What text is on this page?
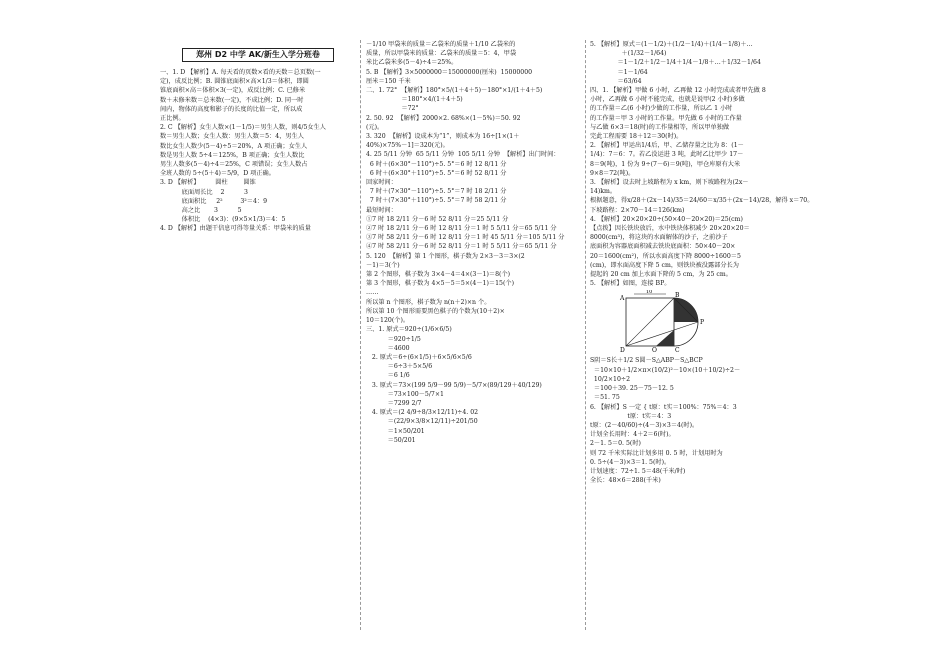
郑州 D2 中学 AK/新生入学分班卷
一、1. D 【解析】A. 每天看的页数×看的天数＝总页数(一
定)，成反比例；B. 圆锥底面积×高×1/3＝体积，即圆
锥底面积×高＝体积×3(一定)，成反比例；C. 已修米
数＋未修米数＝总米数(一定)，不成比例；D. 同一时
间内，物体的高度和影子的长度的比值一定，所以成
正比例。
2. C 【解析】女生人数×(1－1/5)＝男生人数，则4/5女生人
数＝男生人数；女生人数：男生人数＝5：4，男生人
数比女生人数少(5－4)÷5＝20%，A 项正确；女生人
数是男生人数 5÷4＝125%，B 项正确；女生人数比
男生人数多(5－4)÷4＝25%，C 项错误；女生人数占
全班人数的 5÷(5＋4)＝5/9，D 项正确。
3. D 【解析】        圆柱        圆锥
底面周长比    2          3
底面积比     2²         3²＝4：9
高之比       3          5
体积比    (4×3)：(9×5×1/3)＝4：5
4. D 【解析】由题干信息可得等量关系：甲袋米的质量
－1/10 甲袋米的质量＝乙袋米的质量＋1/10 乙袋米的
质量，所以甲袋米的质量：乙袋米的质量＝5：4，甲袋
米比乙袋米多(5－4)÷4＝25%。
5. B 【解析】3×5000000＝15000000(厘米)  15000000
厘米＝150 千米
二、1. 72°  【解析】180°×5/(1＋4＋5)－180°×1/(1＋4＋5)
＝180°×4/(1＋4＋5)
＝72°
2. 50. 92  【解析】2000×2. 68%×(1－5%)＝50. 92
(元)。
3. 320  【解析】设成本为“1”，则成本为 16÷[1×(1＋
40%)×75%－1]＝320(元)。
4. 25 5/11 分钟  65 5/11 分钟  105 5/11 分钟  【解析】出门时间：
6 时＋(6×30°－110°)÷5. 5°＝6 时 12 8/11 分
6 时＋(6×30°＋110°)÷5. 5°＝6 时 52 8/11 分
回家时间：
7 时＋(7×30°－110°)÷5. 5°＝7 时 18 2/11 分
7 时＋(7×30°＋110°)÷5. 5°＝7 时 58 2/11 分
最短时间：
①7 时 18 2/11 分－6 时 52 8/11 分＝25 5/11 分
②7 时 18 2/11 分－6 时 12 8/11 分＝1 时 5 5/11 分＝65 5/11 分
③7 时 58 2/11 分－6 时 12 8/11 分＝1 时 45 5/11 分＝105 5/11 分
④7 时 58 2/11 分－6 时 52 8/11 分＝1 时 5 5/11 分＝65 5/11 分
5. 120  【解析】第 1 个图形，棋子数为 2×3－3＝3×(2
－1)＝3(个)
第 2 个图形，棋子数为 3×4－4＝4×(3－1)＝8(个)
第 3 个图形，棋子数为 4×5－5＝5×(4－1)＝15(个)
……
所以第 n 个图形，棋子数为 n(n＋2)×n 个。
所以第 10 个图形需要黑色棋子的个数为(10＋2)×
10＝120(个)。
三、1. 原式＝920÷(1/6×6/5)
＝920÷1/5
＝4600
2. 原式＝6÷(6×1/5)＋6×5/6×5/6
＝6÷3＋5×5/6
＝6 1/6
3. 原式＝73×(199 5/9－99 5/9)－5/7×(89/129＋40/129)
＝73×100－5/7×1
＝7299 2/7
4. 原式＝(2 4/9÷8/3×12/11)÷4. 02
＝(22/9×3/8×12/11)÷201/50
＝1×50/201
＝50/201
5. 【解析】原式＝(1－1/2)＋(1/2－1/4)＋(1/4－1/8)＋…
＋(1/32－1/64)
＝1－1/2＋1/2－1/4＋1/4－1/8＋…＋1/32－1/64
＝1－1/64
＝63/64
四、1. 【解析】甲做 6 小时，乙再做 12 小时完成或者甲先做 8
小时，乙再做 6 小时不能完成，也就是说甲(2 小时)多做
的工作量＝乙(6 小时)少做的工作量，所以乙 1 小时
的工作量＝甲 3 小时的工作量。甲先做 6 小时的工作量
与乙做 6×3＝18(时)的工作量相等，所以甲单独做
完此工程需要 18＋12＝30(时)。
2. 【解析】甲运出1/4后，甲、乙储存量之比为 8：(1－
1/4)：7＝6：7。若乙没运进 3 吨，此时乙比甲少 17－
8＝9(吨)，1 份为 9÷(7－6)＝9(吨)，甲仓库原有大米
9×8＝72(吨)。
3. 【解析】设去时上坡路程为 x km，则下坡路程为(2x－
14)km。
根据题意，得x/28＋(2x－14)/35＝24/60＝x/35＋(2x－14)/28，解得 x＝70。
下坡路程：2×70－14＝126(km)
4. 【解析】20×20×20÷(50×40－20×20)＝25(cm)
【点拨】因长铁块放后，水中铁块体积减少 20×20×20＝
8000(cm³)，将这块的水面解体的沙子，之前沙子
底面积为容器底面积减去铁块底面积：50×40－20×
20＝1600(cm²)，所以水面高度下降 8000÷1600＝5
(cm)，即水面高度下降 5 cm，则铁块被没露部分长为
提起的 20 cm 加上水面下降的 5 cm，为 25 cm。
5. 【解析】如图，连接 BP。
A	B
C
D
P
Q
10
S阴＝S长＋1/2 S圆－S△ABP－S△BCP
＝10×10＋1/2×π×(10/2)²－10×(10＋10/2)÷2－
10/2×10÷2
＝100＋39. 25－75－12. 5
＝51. 75
6. 【解析】S 一定 { t原：t实＝100%：75%＝4：3
t原：t实＝4：3
t原：(2－40/60)÷(4－3)×3＝4(时)。
计划全长用时：4＋2＝6(时)。
2－1. 5＝0. 5(时)
则 72 千米实际比计划多用 0. 5 时，计划用时为
0. 5÷(4－3)×3＝1. 5(时)。
计划速度：72÷1. 5＝48(千米/时)
全长：48×6＝288(千米)
